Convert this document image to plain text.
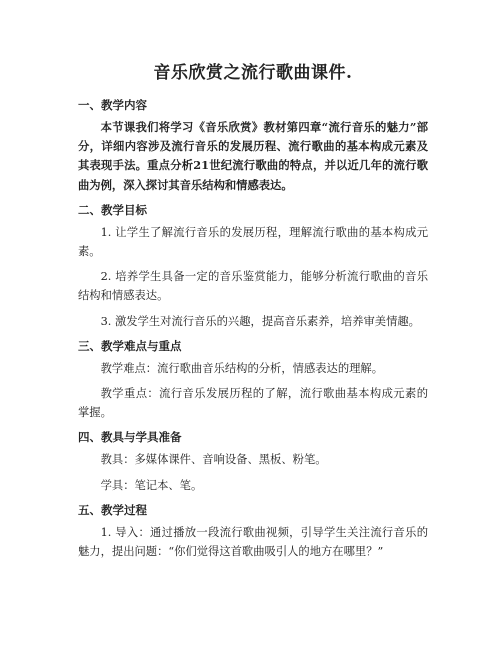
音乐欣赏之流行歌曲课件.

一、教学内容

本节课我们将学习《音乐欣赏》教材第四章“流行音乐的魅力”部分，详细内容涉及流行音乐的发展历程、流行歌曲的基本构成元素及其表现手法。重点分析21世纪流行歌曲的特点，并以近几年的流行歌曲为例，深入探讨其音乐结构和情感表达。

二、教学目标

1. 让学生了解流行音乐的发展历程，理解流行歌曲的基本构成元素。

2. 培养学生具备一定的音乐鉴赏能力，能够分析流行歌曲的音乐结构和情感表达。

3. 激发学生对流行音乐的兴趣，提高音乐素养，培养审美情趣。

三、教学难点与重点

教学难点：流行歌曲音乐结构的分析，情感表达的理解。

教学重点：流行音乐发展历程的了解，流行歌曲基本构成元素的掌握。

四、教具与学具准备

教具：多媒体课件、音响设备、黑板、粉笔。

学具：笔记本、笔。

五、教学过程

1. 导入：通过播放一段流行歌曲视频，引导学生关注流行音乐的魅力，提出问题：“你们觉得这首歌曲吸引人的地方在哪里？”
